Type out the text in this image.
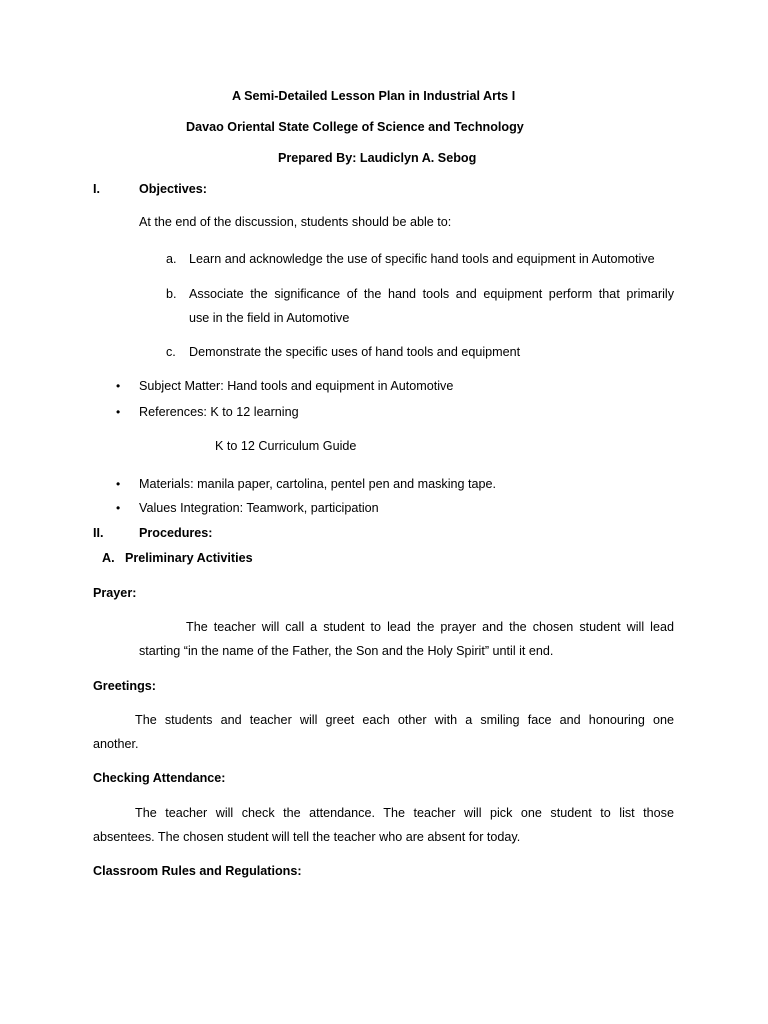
A Semi-Detailed Lesson Plan in Industrial Arts I
Davao Oriental State College of Science and Technology
Prepared By: Laudiclyn A. Sebog
I.	Objectives:
At the end of the discussion, students should be able to:
a. Learn and acknowledge the use of specific hand tools and equipment in Automotive
b. Associate the significance of the hand tools and equipment perform that primarily
use in the field in Automotive
c. Demonstrate the specific uses of hand tools and equipment
• Subject Matter: Hand tools and equipment in Automotive
• References: K to 12 learning
K to 12 Curriculum Guide
• Materials: manila paper, cartolina, pentel pen and masking tape.
• Values Integration: Teamwork, participation
II.	Procedures:
A. Preliminary Activities
Prayer:
The teacher will call a student to lead the prayer and the chosen student will lead
starting “in the name of the Father, the Son and the Holy Spirit” until it end.
Greetings:
The students and teacher will greet each other with a smiling face and honouring one
another.
Checking Attendance:
The teacher will check the attendance. The teacher will pick one student to list those
absentees. The chosen student will tell the teacher who are absent for today.
Classroom Rules and Regulations:
